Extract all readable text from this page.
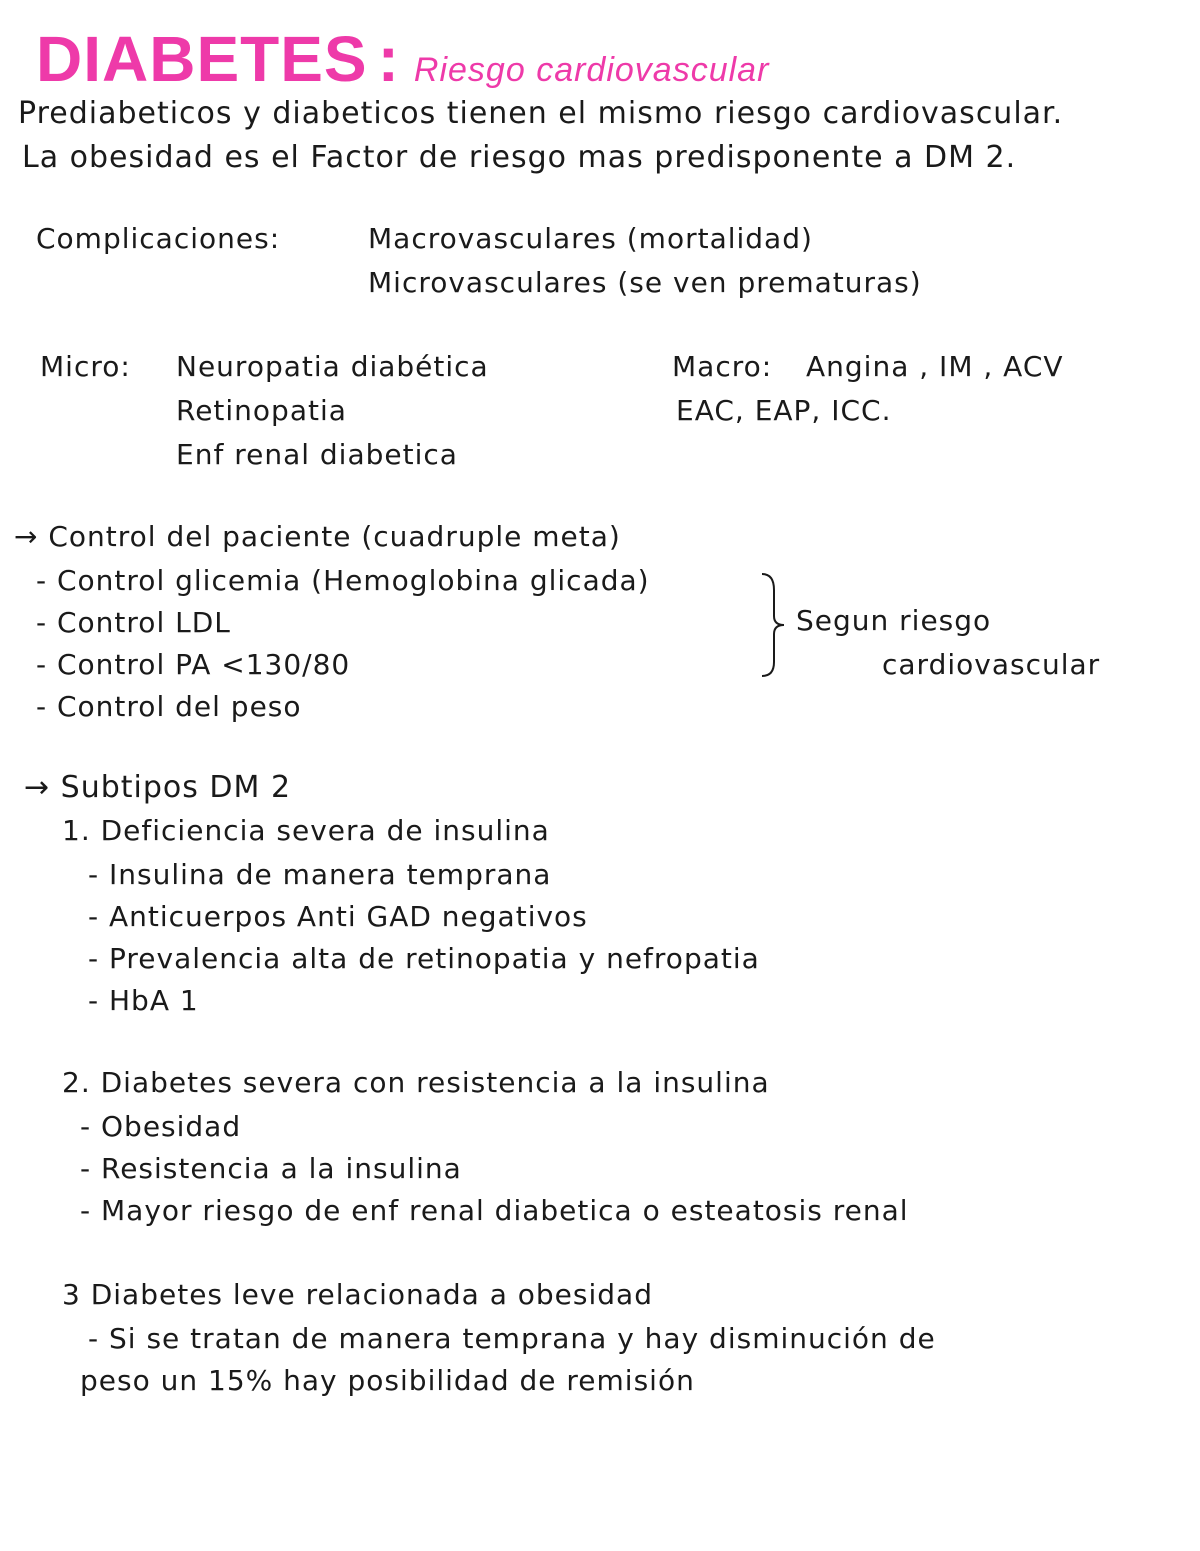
DIABETES : Riesgo cardiovascular
Prediabeticos y diabeticos tienen el mismo riesgo cardiovascular.
La obesidad es el Factor de riesgo mas predisponente a DM 2.
Complicaciones:	Macrovasculares (mortalidad)
Microvasculares (se ven prematuras)
Micro: Neuropatia diabética
Retinopatia
Enf renal diabetica
Macro: Angina , IM , ACV
EAC, EAP, ICC.
→ Control del paciente (cuadruple meta)
- Control glicemia (Hemoglobina glicada)
- Control LDL
- Control PA <130/80
- Control del peso
Segun riesgo
cardiovascular
→ Subtipos DM 2
1. Deficiencia severa de insulina
- Insulina de manera temprana
- Anticuerpos Anti GAD negativos
- Prevalencia alta de retinopatia y nefropatia
- HbA 1
2. Diabetes severa con resistencia a la insulina
- Obesidad
- Resistencia a la insulina
- Mayor riesgo de enf renal diabetica o esteatosis renal
3 Diabetes leve relacionada a obesidad
- Si se tratan de manera temprana y hay disminución de
peso un 15% hay posibilidad de remisión
